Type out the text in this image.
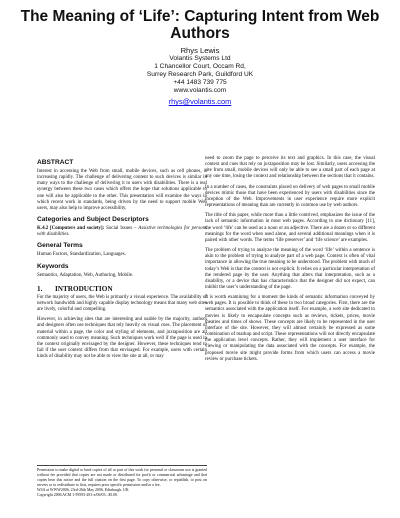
The Meaning of ‘Life’: Capturing Intent from Web Authors
Rhys Lewis
Volantis Systems Ltd
1 Chancellor Court, Occam Rd,
Surrey Research Park, Guildford UK
+44 1483 739 775
www.volantis.com
rhys@volantis.com
ABSTRACT

Interest in accessing the Web from small, mobile devices, such as cell phones, is increasing rapidly. The challenge of delivering content to such devices is similar in many ways to the challenge of delivering it to users with disabilities. There is a real synergy between these two cases which offers the hope that solutions applicable to one will also be applicable to the other. This presentation will examine the ways in which recent work in standards, being driven by the need to support mobile Web users, may also help to improve accessibility.

Categories and Subject Descriptors

K.4.2 [Computers and society]: Social Issues – Assistive technologies for persons with disabilities.

General Terms

Human Factors, Standardization, Languages.

Keywords

Semantics, Adaptation, Web, Authoring, Mobile.

1. INTRODUCTION

For the majority of users, the Web is primarily a visual experience. The availability of network bandwidth and highly capable display technology means that many web sites are lively, colorful and compelling.

However, in achieving sites that are interesting and usable by the majority, authors and designers often use techniques that rely heavily on visual cues. The placement of material within a page, the color and styling of elements, and juxtaposition are all commonly used to convey meaning. Such techniques work well if the page is used in the context originally envisaged by the designer. However, these techniques tend to fail if the user context differs from that envisaged. For example, users with certain kinds of disability may not be able to view the site at all, or may

Permission to make digital or hard copies of all or part of this work for personal or classroom use is granted without fee provided that copies are not made or distributed for profit or commercial advantage and that copies bear this notice and the full citation on the first page. To copy otherwise, or republish, to post on servers or to redistribute to lists, requires prior specific permission and/or a fee.
W4A at WWW2006, 23rd-26th May 2006, Edinburgh, UK
Copyright 2006 ACM 1-59593-281-x/06/05...$5.00.

need to zoom the page to perceive its text and graphics. In this case, the visual context and cues that rely on juxtaposition may be lost. Similarly, users accessing the site from small, mobile devices will only be able to see a small part of each page at any one time, losing the context and relationship between the sections that it contains.

In a number of cases, the constraints placed on delivery of web pages to small mobile devices mimic those that have been experienced by users with disabilities since the inception of the Web. Improvements in user experience require more explicit representations of meaning than are currently in common use by web authors.

The title of this paper, while more than a little contrived, emphasizes the issue of the lack of semantic information in most web pages. According to one dictionary [11], the word ‘life’ can be used as a noun or an adjective. There are a dozen or so different meanings for the word when used alone, and several additional meanings when it is paired with other words. The terms ‘life preserver’ and ‘life science’ are examples.

The problem of trying to analyze the meaning of the word ‘life’ within a sentence is akin to the problem of trying to analyze part of a web page. Context is often of vital importance in allowing the true meaning to be understood. The problem with much of today’s Web is that the context is not explicit. It relies on a particular interpretation of the rendered page by the user. Anything that alters that interpretation, such as a disability, or a device that has characteristics that the designer did not expect, can inhibit the user’s understanding of the page.

It is worth examining for a moment the kinds of semantic information conveyed by web pages. It is possible to think of these in two broad categories. First, there are the semantics associated with the application itself. For example, a web site dedicated to movies is likely to encapsulate concepts such as reviews, tickets, prices, movie theatres and times of shows. These concepts are likely to be represented in the user interface of the site. However, they will almost certainly be expressed as some combination of markup and script. These representations will not directly encapsulate the application level concepts. Rather, they will implement a user interface for viewing or manipulating the data associated with the concepts. For example, the proposed movie site might provide forms from which users can access a movie review or purchase tickets.
